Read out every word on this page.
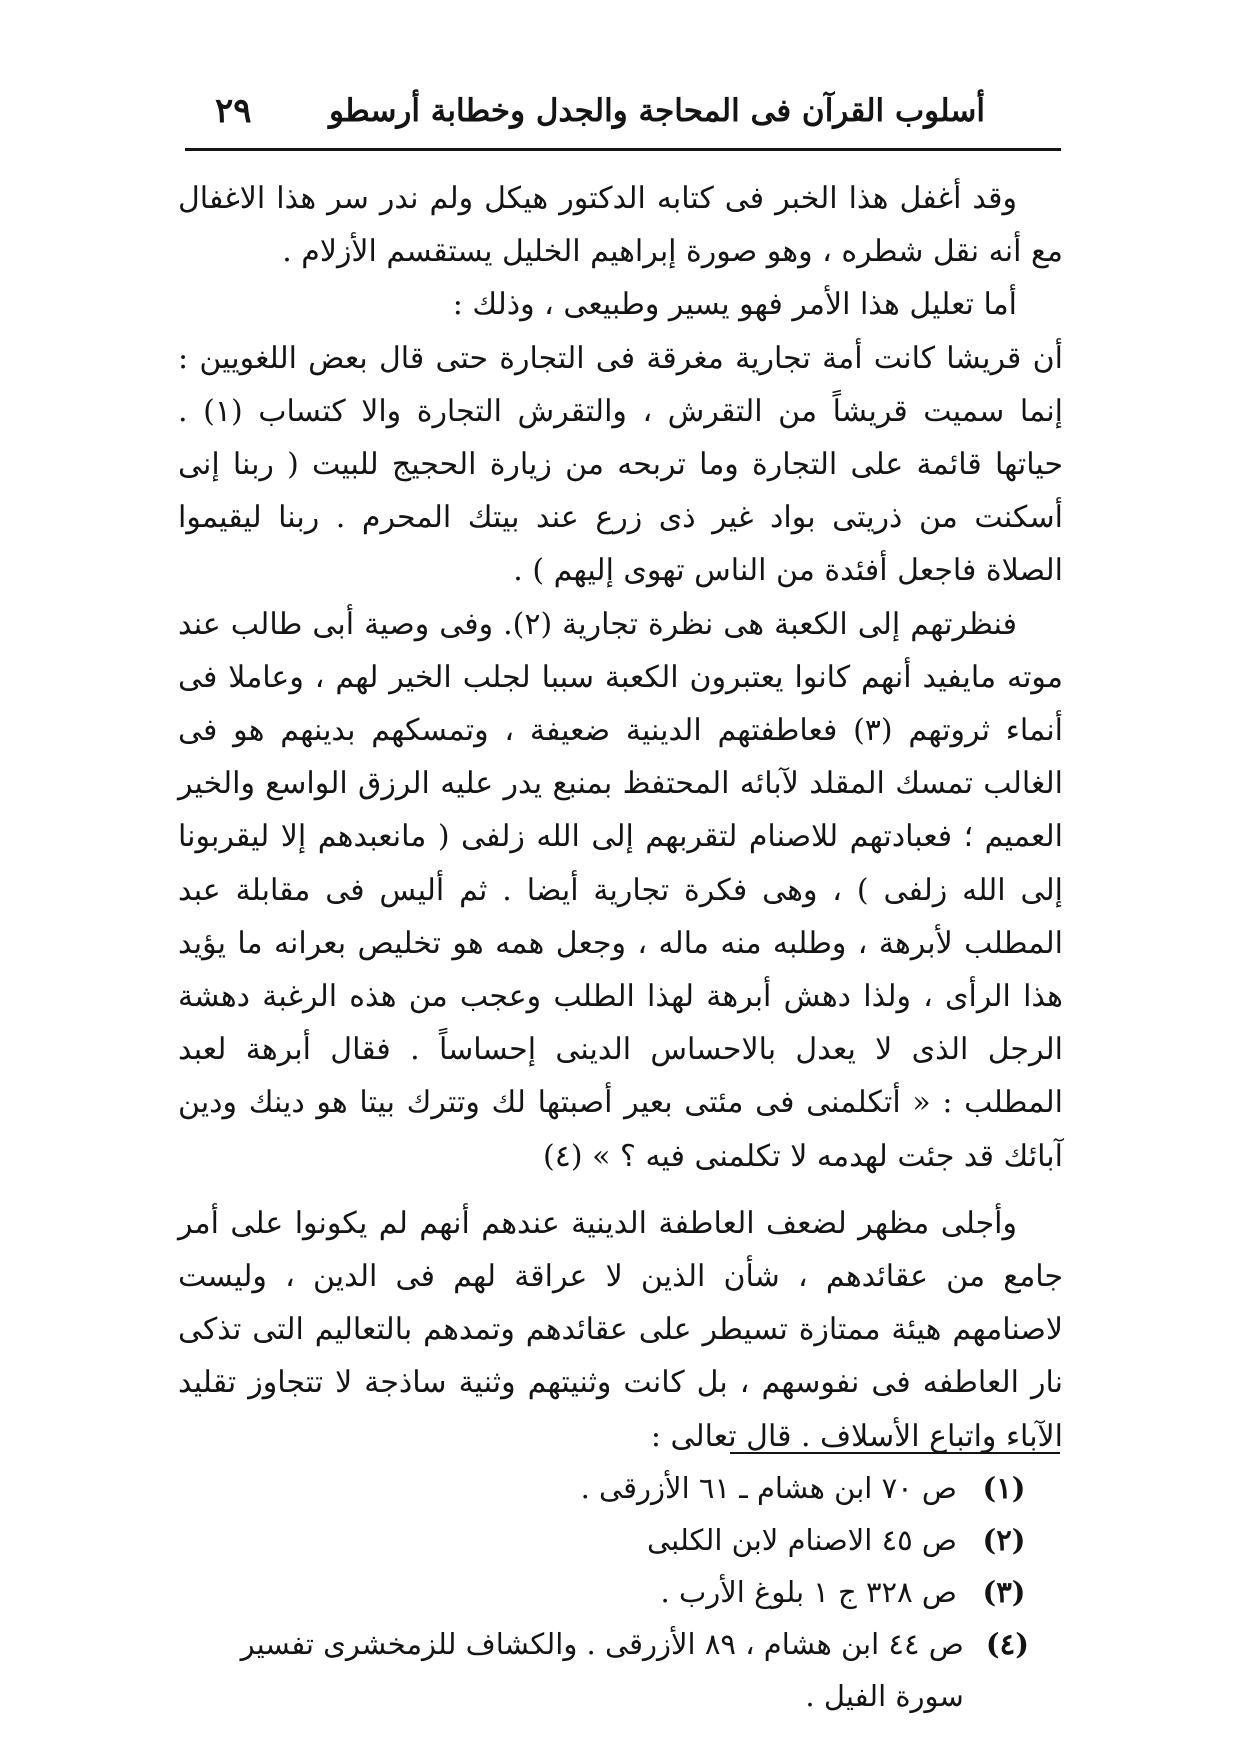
أسلوب القرآن فى المحاجة والجدل وخطابة أرسطو
٢٩

وقد أغفل هذا الخبر فى كتابه الدكتور هيكل ولم ندر سر هذا الاغفال مع أنه نقل شطره ، وهو صورة إبراهيم الخليل يستقسم الأزلام .

أما تعليل هذا الأمر فهو يسير وطبيعى ، وذلك :

أن قريشا كانت أمة تجارية مغرقة فى التجارة حتى قال بعض اللغويين : إنما سميت قريشاً من التقرش ، والتقرش التجارة والا كتساب (١) . حياتها قائمة على التجارة وما تربحه من زيارة الحجيج للبيت ( ربنا إنى أسكنت من ذريتى بواد غير ذى زرع عند بيتك المحرم . ربنا ليقيموا الصلاة فاجعل أفئدة من الناس تهوى إليهم ) .

فنظرتهم إلى الكعبة هى نظرة تجارية (٢). وفى وصية أبى طالب عند موته مايفيد أنهم كانوا يعتبرون الكعبة سببا لجلب الخير لهم ، وعاملا فى أنماء ثروتهم (٣) فعاطفتهم الدينية ضعيفة ، وتمسكهم بدينهم هو فى الغالب تمسك المقلد لآبائه المحتفظ بمنبع يدر عليه الرزق الواسع والخير العميم ؛ فعبادتهم للاصنام لتقربهم إلى الله زلفى ( مانعبدهم إلا ليقربونا إلى الله زلفى ) ، وهى فكرة تجارية أيضا . ثم أليس فى مقابلة عبد المطلب لأبرهة ، وطلبه منه ماله ، وجعل همه هو تخليص بعرانه ما يؤيد هذا الرأى ، ولذا دهش أبرهة لهذا الطلب وعجب من هذه الرغبة دهشة الرجل الذى لا يعدل بالاحساس الدينى إحساساً . فقال أبرهة لعبد المطلب : « أتكلمنى فى مئتى بعير أصبتها لك وتترك بيتا هو دينك ودين آبائك قد جئت لهدمه لا تكلمنى فيه ؟ » (٤)

وأجلى مظهر لضعف العاطفة الدينية عندهم أنهم لم يكونوا على أمر جامع من عقائدهم ، شأن الذين لا عراقة لهم فى الدين ، وليست لاصنامهم هيئة ممتازة تسيطر على عقائدهم وتمدهم بالتعاليم التى تذكى نار العاطفه فى نفوسهم ، بل كانت وثنيتهم وثنية ساذجة لا تتجاوز تقليد الآباء واتباع الأسلاف . قال تعالى :

(١)
ص ٧٠ ابن هشام ـ ٦١ الأزرقى .
(٢)
ص ٤٥ الاصنام لابن الكلبى
(٣)
ص ٣٢٨ ج ١ بلوغ الأرب .
(٤)
ص ٤٤ ابن هشام ، ٨٩ الأزرقى . والكشاف للزمخشرى تفسير سورة الفيل .
